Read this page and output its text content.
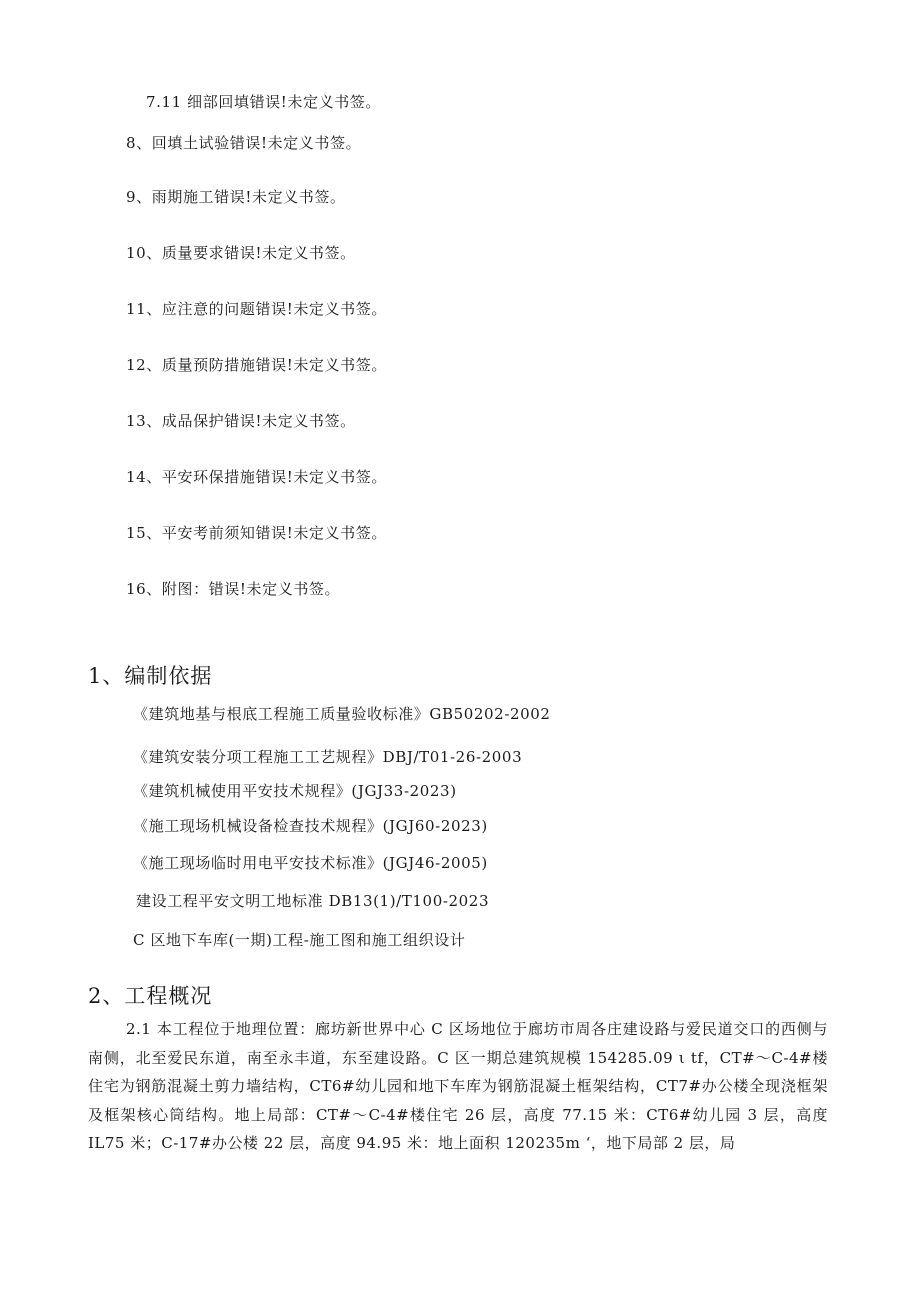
7.11 细部回填错误!未定义书签。
8、回填土试验错误!未定义书签。
9、雨期施工错误!未定义书签。
10、质量要求错误!未定义书签。
11、应注意的问题错误!未定义书签。
12、质量预防措施错误!未定义书签。
13、成品保护错误!未定义书签。
14、平安环保措施错误!未定义书签。
15、平安考前须知错误!未定义书签。
16、附图：错误!未定义书签。
1、编制依据
《建筑地基与根底工程施工质量验收标准》GB50202-2002
《建筑安装分项工程施工工艺规程》DBJ/T01-26-2003
《建筑机械使用平安技术规程》(JGJ33-2023)
《施工现场机械设备检查技术规程》(JGJ60-2023)
《施工现场临时用电平安技术标准》(JGJ46-2005)
建设工程平安文明工地标准 DB13(1)/T100-2023
C 区地下车库(一期)工程-施工图和施工组织设计
2、工程概况
2.1 本工程位于地理位置：廊坊新世界中心 C 区场地位于廊坊市周各庄建设路与爱民道交口的西侧与南侧，北至爱民东道，南至永丰道，东至建设路。C 区一期总建筑规模 154285.09 ι tf，CT#～C-4#楼住宅为钢筋混凝土剪力墙结构，CT6#幼儿园和地下车库为钢筋混凝土框架结构，CT7#办公楼全现浇框架及框架核心筒结构。地上局部：CT#～C-4#楼住宅 26 层，高度 77.15 米：CT6#幼儿园 3 层，高度 IL75 米；C-17#办公楼 22 层，高度 94.95 米：地上面积 120235m ‘，地下局部 2 层，局
